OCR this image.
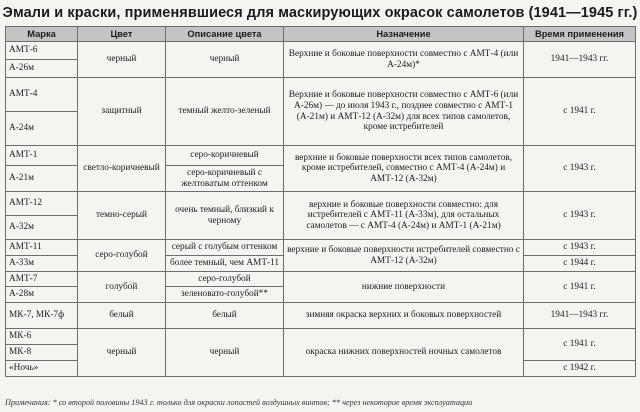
Эмали и краски, применявшиеся для маскирующих окрасок самолетов (1941—1945 гг.)
Марка	Цвет	Описание цвета	Назначение	Время применения
АМТ-6	черный	черный	Верхние и боковые поверхности совместно с АМТ-4 (или А-24м)*	1941—1943 гг.
А-26м				
АМТ-4	защитный	темный желто-зеленый	Верхние и боковые поверхности совместно с АМТ-6 (или А-26м) — до июля 1943 г., позднее совместно с АМТ-1 (А-21м) и АМТ-12 (А-32м) для всех типов самолетов, кроме истребителей	с 1941 г.
А-24м				
АМТ-1	светло-коричневый	серо-коричневый	верхние и боковые поверхности всех типов самолетов, кроме истребителей, совместно с АМТ-4 (А-24м) и АМТ-12 (А-32м)	с 1943 г.
А-21м		серо-коричневый с желтоватым оттенком		
АМТ-12	темно-серый	очень темный, близкий к черному	верхние и боковые поверхности совместно: для истребителей с АМТ-11 (А-33м), для остальных самолетов — с АМТ-4 (А-24м) и АМТ-1 (А-21м)	с 1943 г.
А-32м				
АМТ-11	серо-голубой	серый с голубым оттенком	верхние и боковые поверхности истребителей совместно с АМТ-12 (А-32м)	с 1943 г.
А-33м		более темный, чем АМТ-11		с 1944 г.
АМТ-7	голубой	серо-голубой	нижние поверхности	с 1941 г.
А-28м		зеленовато-голубой**		
МК-7, МК-7ф	белый	белый	зимняя окраска верхних и боковых поверхностей	1941—1943 гг.
МК-6	черный	черный	окраска нижних поверхностей ночных самолетов	с 1941 г.
МК-8				
«Ночь»				с 1942 г.
Примечания: * со второй половины 1943 г. только для окраски лопастей воздушных винтов; ** через некоторое время эксплуатации
